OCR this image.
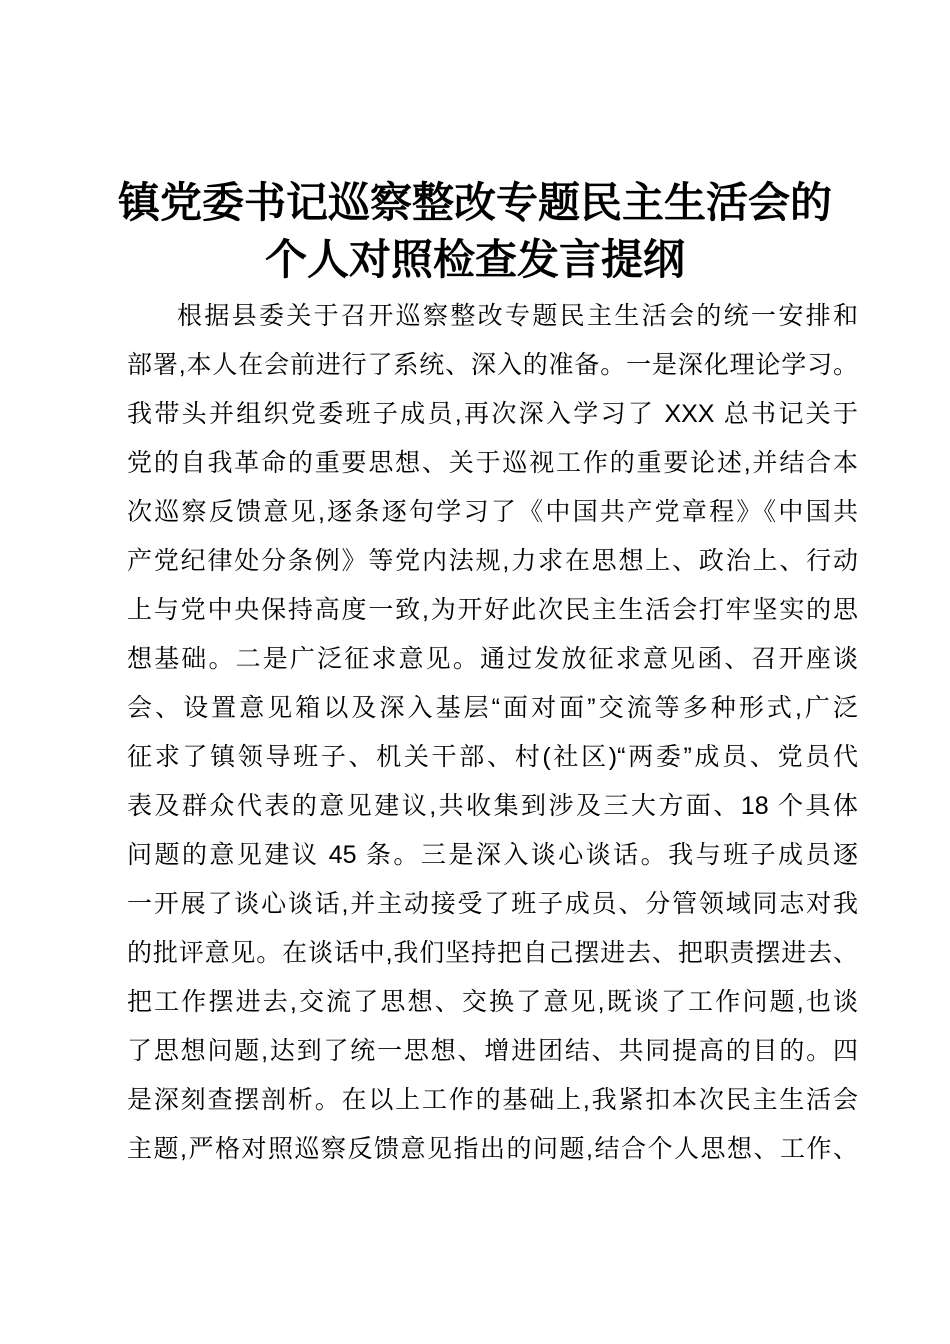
镇党委书记巡察整改专题民主生活会的
个人对照检查发言提纲
根据县委关于召开巡察整改专题民主生活会的统一安排和
部署,本人在会前进行了系统、深入的准备。一是深化理论学习。
我带头并组织党委班子成员,再次深入学习了 XXX 总书记关于
党的自我革命的重要思想、关于巡视工作的重要论述,并结合本
次巡察反馈意见,逐条逐句学习了《中国共产党章程》《中国共
产党纪律处分条例》等党内法规,力求在思想上、政治上、行动
上与党中央保持高度一致,为开好此次民主生活会打牢坚实的思
想基础。二是广泛征求意见。通过发放征求意见函、召开座谈
会、设置意见箱以及深入基层“面对面”交流等多种形式,广泛
征求了镇领导班子、机关干部、村(社区)“两委”成员、党员代
表及群众代表的意见建议,共收集到涉及三大方面、18 个具体
问题的意见建议 45 条。三是深入谈心谈话。我与班子成员逐
一开展了谈心谈话,并主动接受了班子成员、分管领域同志对我
的批评意见。在谈话中,我们坚持把自己摆进去、把职责摆进去、
把工作摆进去,交流了思想、交换了意见,既谈了工作问题,也谈
了思想问题,达到了统一思想、增进团结、共同提高的目的。四
是深刻查摆剖析。在以上工作的基础上,我紧扣本次民主生活会
主题,严格对照巡察反馈意见指出的问题,结合个人思想、工作、
